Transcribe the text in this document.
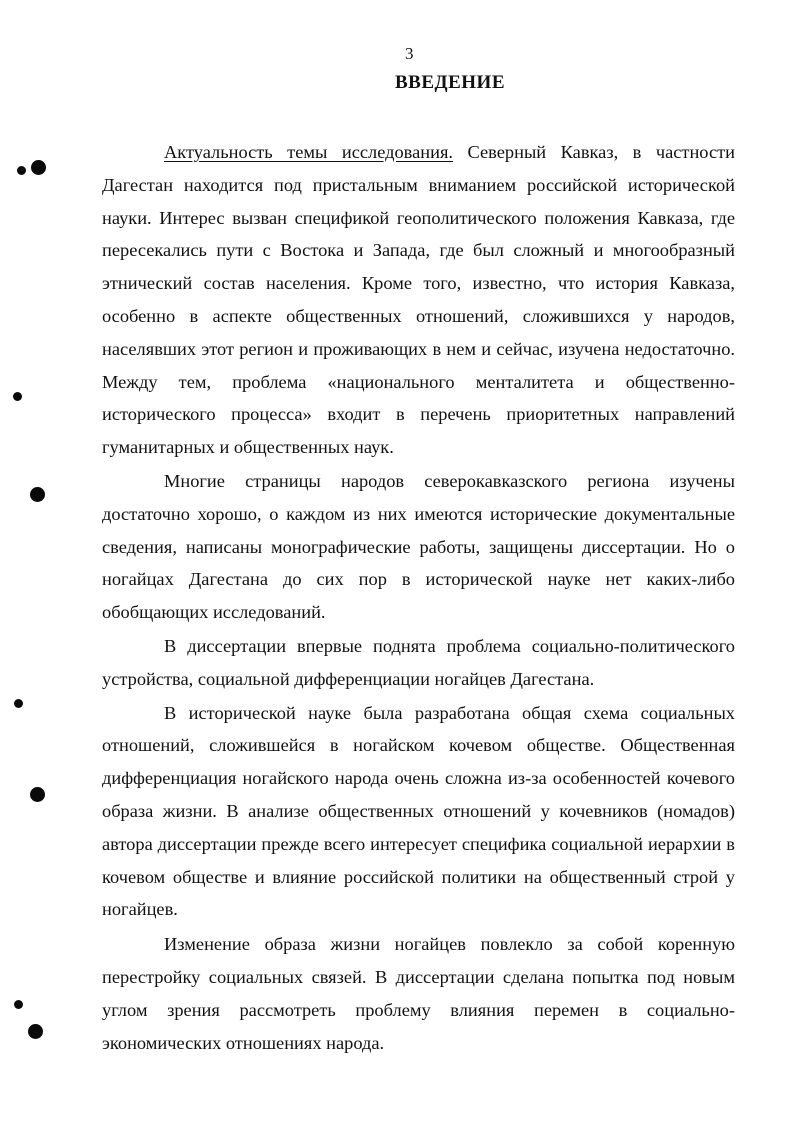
3
ВВЕДЕНИЕ

Актуальность темы исследования. Северный Кавказ, в частности Дагестан находится под пристальным вниманием российской исторической науки. Интерес вызван спецификой геополитического положения Кавказа, где пересекались пути с Востока и Запада, где был сложный и многообразный этнический состав населения. Кроме того, известно, что история Кавказа, особенно в аспекте общественных отношений, сложившихся у народов, населявших этот регион и проживающих в нем и сейчас, изучена недостаточно. Между тем, проблема «национального менталитета и общественно-исторического процесса» входит в перечень приоритетных направлений гуманитарных и общественных наук.

Многие страницы народов северокавказского региона изучены достаточно хорошо, о каждом из них имеются исторические документальные сведения, написаны монографические работы, защищены диссертации. Но о ногайцах Дагестана до сих пор в исторической науке нет каких-либо обобщающих исследований.

В диссертации впервые поднята проблема социально-политического устройства, социальной дифференциации ногайцев Дагестана.

В исторической науке была разработана общая схема социальных отношений, сложившейся в ногайском кочевом обществе. Общественная дифференциация ногайского народа очень сложна из-за особенностей кочевого образа жизни. В анализе общественных отношений у кочевников (номадов) автора диссертации прежде всего интересует специфика социальной иерархии в кочевом обществе и влияние российской политики на общественный строй у ногайцев.

Изменение образа жизни ногайцев повлекло за собой коренную перестройку социальных связей. В диссертации сделана попытка под новым углом зрения рассмотреть проблему влияния перемен в социально-экономических отношениях народа.
